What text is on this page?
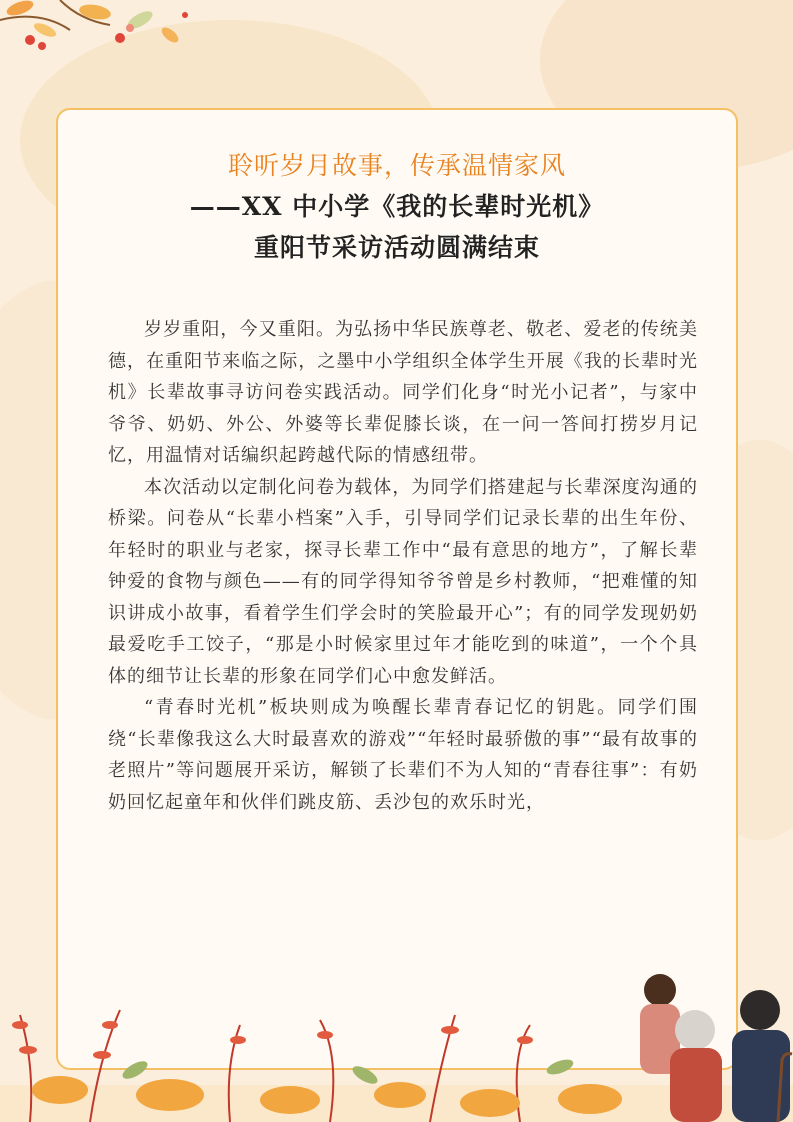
聆听岁月故事，传承温情家风
——XX 中小学《我的长辈时光机》
重阳节采访活动圆满结束

岁岁重阳，今又重阳。为弘扬中华民族尊老、敬老、爱老的传统美德，在重阳节来临之际，之墨中小学组织全体学生开展《我的长辈时光机》长辈故事寻访问卷实践活动。同学们化身“时光小记者”，与家中爷爷、奶奶、外公、外婆等长辈促膝长谈，在一问一答间打捞岁月记忆，用温情对话编织起跨越代际的情感纽带。

本次活动以定制化问卷为载体，为同学们搭建起与长辈深度沟通的桥梁。问卷从“长辈小档案”入手，引导同学们记录长辈的出生年份、年轻时的职业与老家，探寻长辈工作中“最有意思的地方”，了解长辈钟爱的食物与颜色——有的同学得知爷爷曾是乡村教师，“把难懂的知识讲成小故事，看着学生们学会时的笑脸最开心”；有的同学发现奶奶最爱吃手工饺子，“那是小时候家里过年才能吃到的味道”，一个个具体的细节让长辈的形象在同学们心中愈发鲜活。

“青春时光机”板块则成为唤醒长辈青春记忆的钥匙。同学们围绕“长辈像我这么大时最喜欢的游戏”“年轻时最骄傲的事”“最有故事的老照片”等问题展开采访，解锁了长辈们不为人知的“青春往事”：有奶奶回忆起童年和伙伴们跳皮筋、丢沙包的欢乐时光，
